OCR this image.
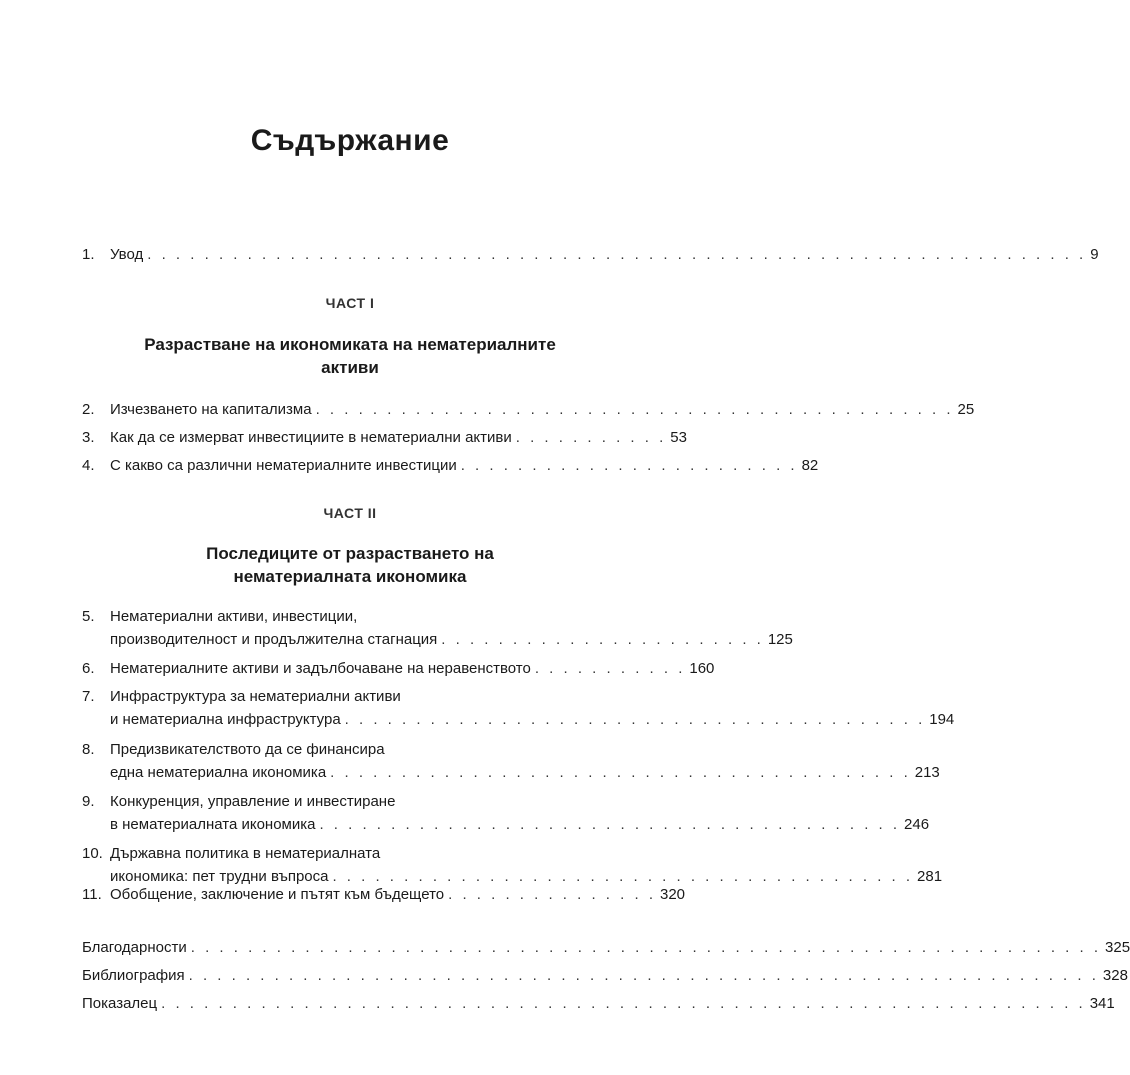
Съдържание
1. Увод . . . . . . . . . . . . . . . . . . . . . . . . . . . . . . . . . . . . . . . . . . . . . . . . . . . . . . . . . . . . . . . . . . 9
ЧАСТ I
Разрастване на икономиката на нематериалните
активи
2. Изчезването на капитализма . . . . . . . . . . . . . . . . . . . . . . . . . . . . . . . . . . . . . . . . . . . . . 25
3. Как да се измерват инвестициите в нематериални активи . . . . . . . . . . . 53
4. С какво са различни нематериалните инвестиции . . . . . . . . . . . . . . . . . . . . . . . . 82
ЧАСТ II
Последиците от разрастването на
нематериалната икономика
5. Нематериални активи, инвестиции,
производителност и продължителна стагнация . . . . . . . . . . . . . . . . . . . . . . . 125
6. Нематериалните активи и задълбочаване на неравенството . . . . . . . . . . . 160
7. Инфраструктура за нематериални активи
и нематериална инфраструктура . . . . . . . . . . . . . . . . . . . . . . . . . . . . . . . . . . . . . . . . . 194
8. Предизвикателството да се финансира
една нематериална икономика . . . . . . . . . . . . . . . . . . . . . . . . . . . . . . . . . . . . . . . . . 213
9. Конкуренция, управление и инвестиране
в нематериалната икономика . . . . . . . . . . . . . . . . . . . . . . . . . . . . . . . . . . . . . . . . . 246
10. Държавна политика в нематериалната
икономика: пет трудни въпроса . . . . . . . . . . . . . . . . . . . . . . . . . . . . . . . . . . . . . . . . . 281
11. Обобщение, заключение и пътят към бъдещето . . . . . . . . . . . . . . . 320
Благодарности . . . . . . . . . . . . . . . . . . . . . . . . . . . . . . . . . . . . . . . . . . . . . . . . . . . . . . . . . . . . . . . . 325
Библиография . . . . . . . . . . . . . . . . . . . . . . . . . . . . . . . . . . . . . . . . . . . . . . . . . . . . . . . . . . . . . . . . 328
Показалец . . . . . . . . . . . . . . . . . . . . . . . . . . . . . . . . . . . . . . . . . . . . . . . . . . . . . . . . . . . . . . . . . 341
